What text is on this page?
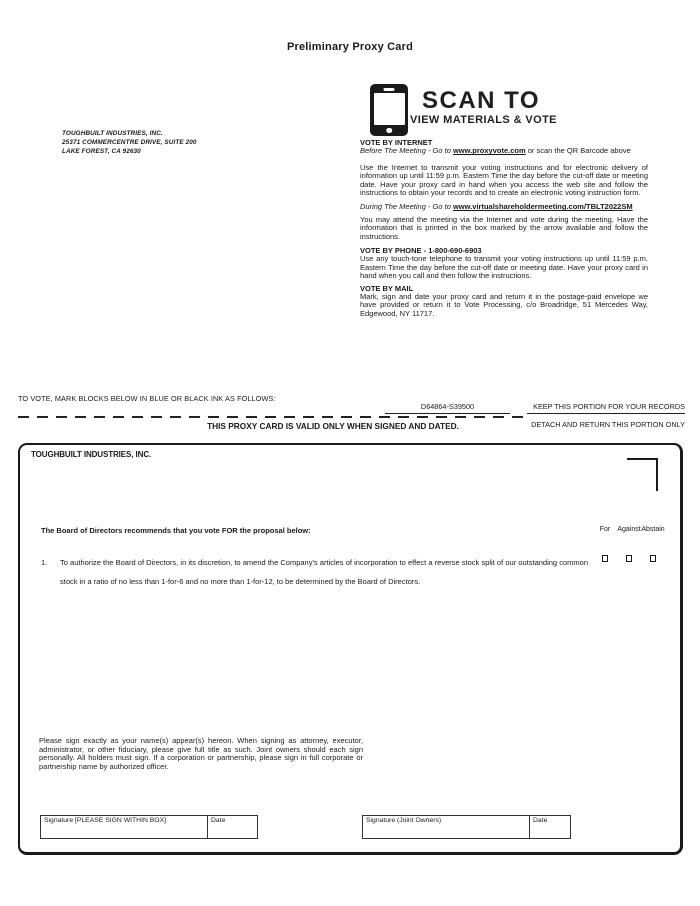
Preliminary Proxy Card
TOUGHBUILT INDUSTRIES, INC.
25371 COMMERCENTRE DRIVE, SUITE 200
LAKE FOREST, CA 92630
SCAN TO
VIEW MATERIALS & VOTE

VOTE BY INTERNET

Before The Meeting - Go to www.proxyvote.com or scan the QR Barcode above

Use the Internet to transmit your voting instructions and for electronic delivery of information up until 11:59 p.m. Eastern Time the day before the cut-off date or meeting date. Have your proxy card in hand when you access the web site and follow the instructions to obtain your records and to create an electronic voting instruction form.

During The Meeting - Go to www.virtualshareholdermeeting.com/TBLT2022SM

You may attend the meeting via the Internet and vote during the meeting. Have the information that is printed in the box marked by the arrow available and follow the instructions.

VOTE BY PHONE - 1-800-690-6903

Use any touch-tone telephone to transmit your voting instructions up until 11:59 p.m. Eastern Time the day before the cut-off date or meeting date. Have your proxy card in hand when you call and then follow the instructions.

VOTE BY MAIL

Mark, sign and date your proxy card and return it in the postage-paid envelope we have provided or return it to Vote Processing, c/o Broadridge, 51 Mercedes Way, Edgewood, NY 11717.

TO VOTE, MARK BLOCKS BELOW IN BLUE OR BLACK INK AS FOLLOWS:
D64864-S39500	KEEP THIS PORTION FOR YOUR RECORDS
THIS PROXY CARD IS VALID ONLY WHEN SIGNED AND DATED.	DETACH AND RETURN THIS PORTION ONLY
TOUGHBUILT INDUSTRIES, INC.
The Board of Directors recommends that you vote FOR the proposal below:	For	Against Abstain
1. To authorize the Board of Directors, in its discretion, to amend the Company's articles of incorporation to effect a reverse stock split of our outstanding common stock in a ratio of no less than 1-for-6 and no more than 1-for-12, to be determined by the Board of Directors.
Please sign exactly as your name(s) appear(s) hereon. When signing as attorney, executor, administrator, or other fiduciary, please give full title as such. Joint owners should each sign personally. All holders must sign. If a corporation or partnership, please sign in full corporate or partnership name by authorized officer.
Signature [PLEASE SIGN WITHIN BOX]	Date	Signature (Joint Owners)	Date
